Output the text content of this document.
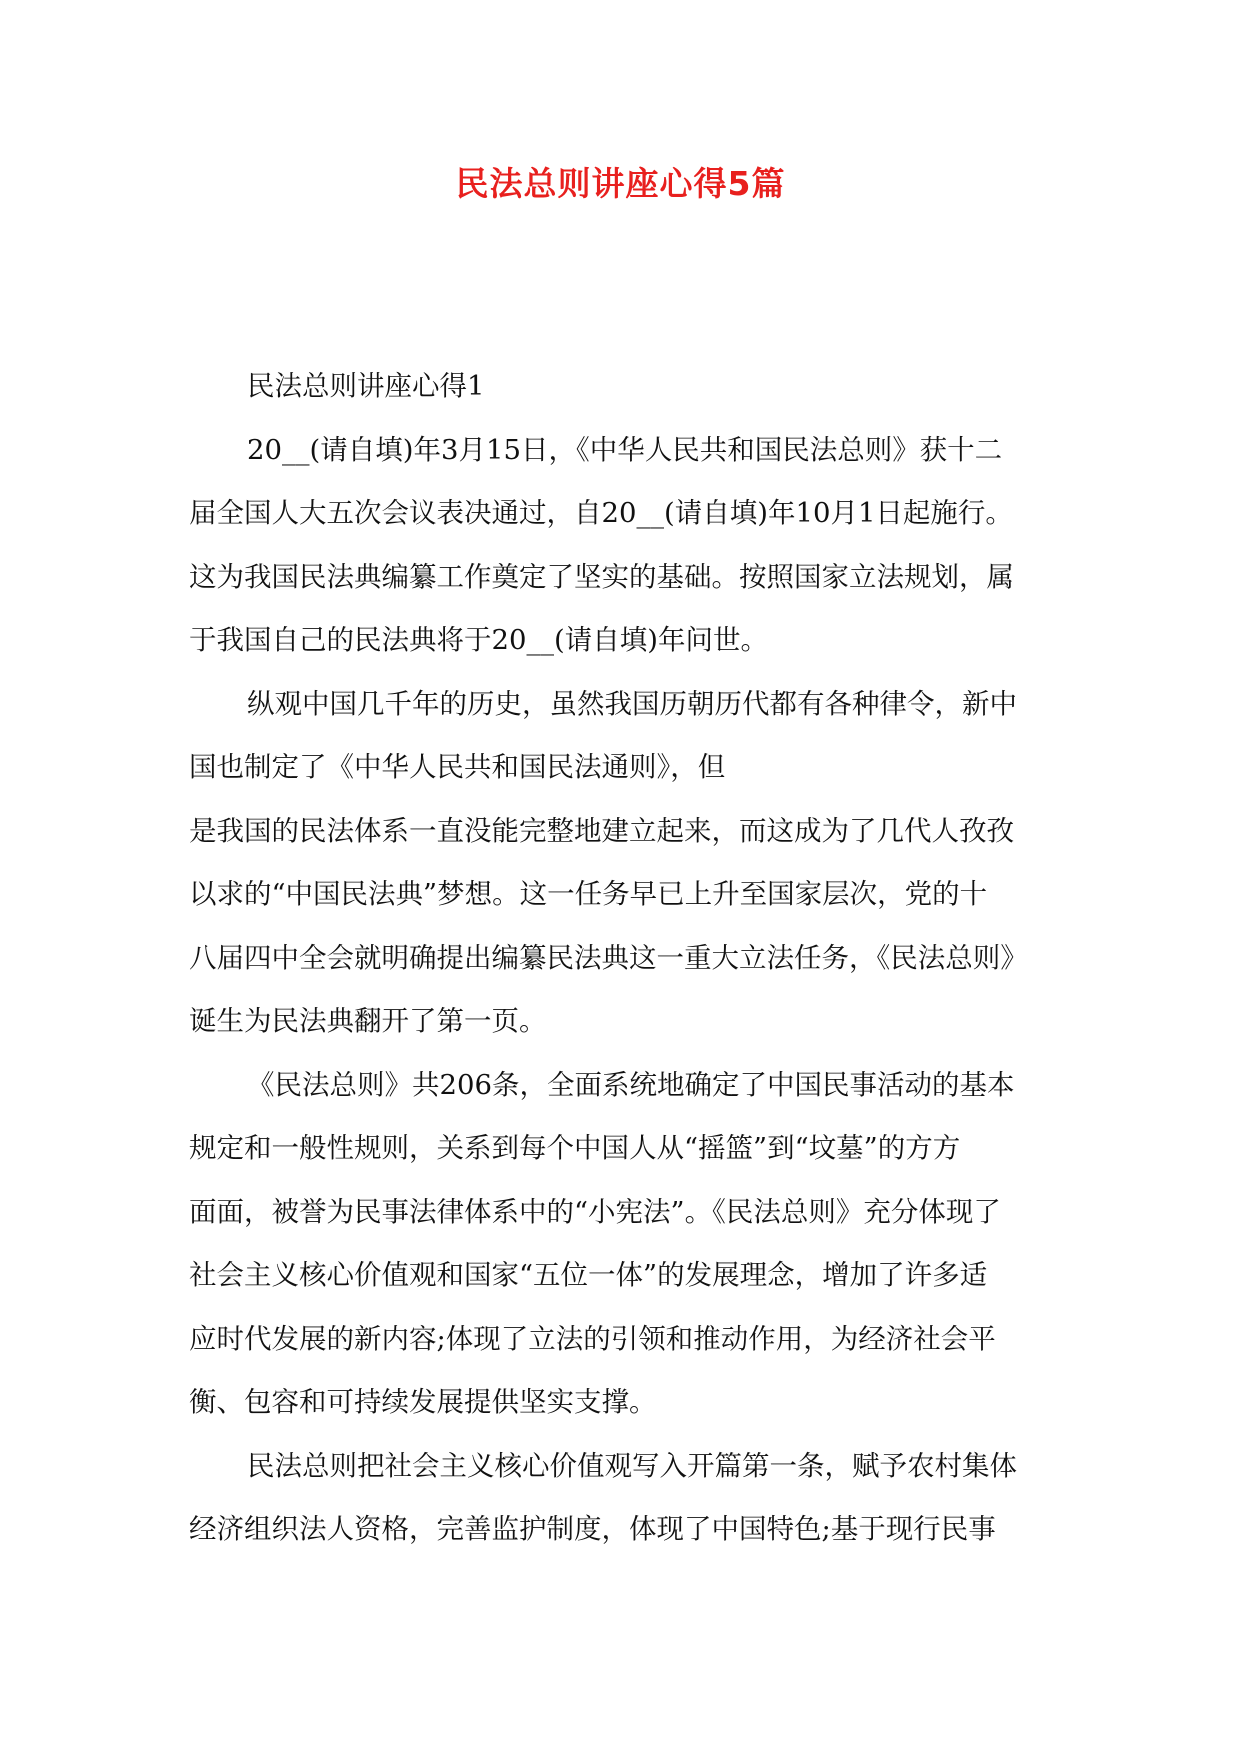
民法总则讲座心得5篇
民法总则讲座心得1
20__(请自填)年3月15日，《中华人民共和国民法总则》获十二
届全国人大五次会议表决通过，自20__(请自填)年10月1日起施行。
这为我国民法典编纂工作奠定了坚实的基础。按照国家立法规划，属
于我国自己的民法典将于20__(请自填)年问世。
纵观中国几千年的历史，虽然我国历朝历代都有各种律令，新中
国也制定了《中华人民共和国民法通则》，但
是我国的民法体系一直没能完整地建立起来，而这成为了几代人孜孜
以求的“中国民法典”梦想。这一任务早已上升至国家层次，党的十
八届四中全会就明确提出编纂民法典这一重大立法任务，《民法总则》
诞生为民法典翻开了第一页。
《民法总则》共206条，全面系统地确定了中国民事活动的基本
规定和一般性规则，关系到每个中国人从“摇篮”到“坟墓”的方方
面面，被誉为民事法律体系中的“小宪法”。《民法总则》充分体现了
社会主义核心价值观和国家“五位一体”的发展理念，增加了许多适
应时代发展的新内容;体现了立法的引领和推动作用，为经济社会平
衡、包容和可持续发展提供坚实支撑。
民法总则把社会主义核心价值观写入开篇第一条，赋予农村集体
经济组织法人资格，完善监护制度，体现了中国特色;基于现行民事
